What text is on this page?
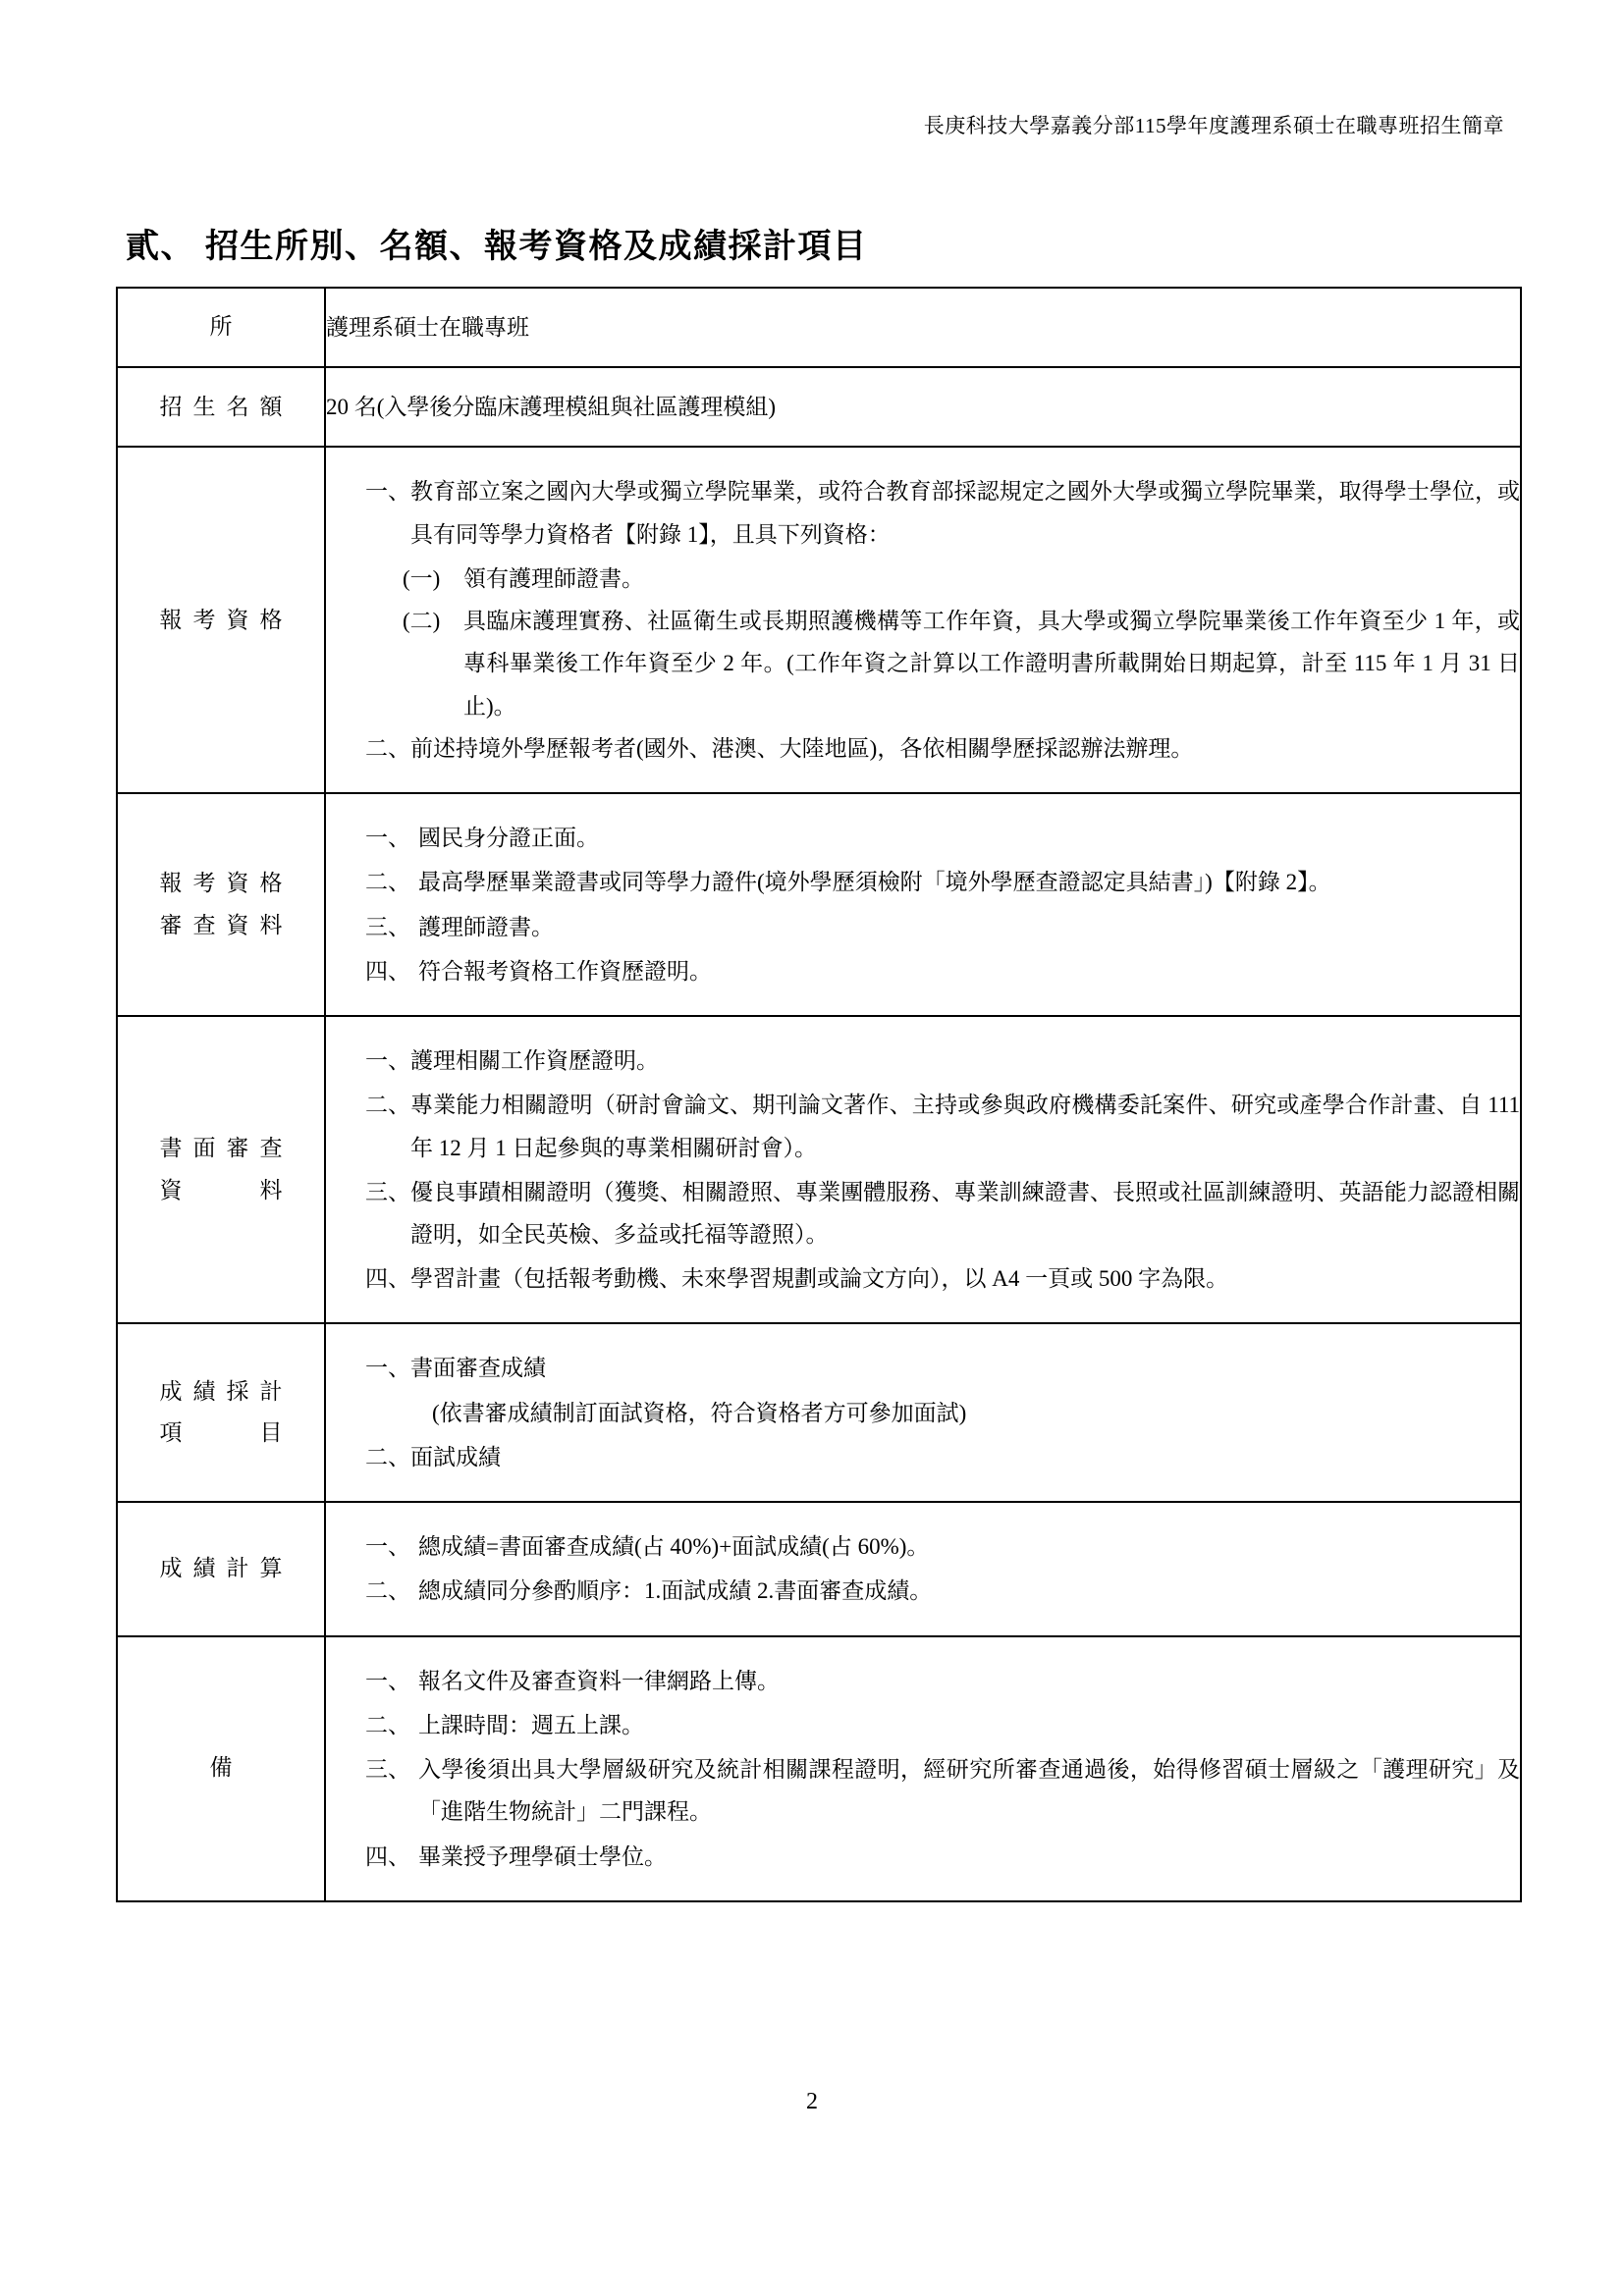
長庚科技大學嘉義分部115學年度護理系碩士在職專班招生簡章
貳、 招生所別、名額、報考資格及成績採計項目
所	護理系碩士在職專班

招生名額	20 名(入學後分臨床護理模組與社區護理模組)

報考資格

一、 教育部立案之國內大學或獨立學院畢業，或符合教育部採認規定之國外大學或獨立學院畢業，取得學士學位，或具有同等學力資格者【附錄 1】，且具下列資格：
(一)	領有護理師證書。
(二)	具臨床護理實務、社區衛生或長期照護機構等工作年資，具大學或獨立學院畢業後工作年資至少 1 年，或專科畢業後工作年資至少 2 年。(工作年資之計算以工作證明書所載開始日期起算，計至 115 年 1 月 31 日止)。
二、 前述持境外學歷報考者(國外、港澳、大陸地區)，各依相關學歷採認辦法辦理。

報考資格
審查資料

一、 國民身分證正面。
二、 最高學歷畢業證書或同等學力證件(境外學歷須檢附「境外學歷查證認定具結書」)【附錄 2】。
三、 護理師證書。
四、 符合報考資格工作資歷證明。

書面審查
資　　料

一、 護理相關工作資歷證明。
二、 專業能力相關證明（研討會論文、期刊論文著作、主持或參與政府機構委託案件、研究或產學合作計畫、自 111 年 12 月 1 日起參與的專業相關研討會）。
三、 優良事蹟相關證明（獲獎、相關證照、專業團體服務、專業訓練證書、長照或社區訓練證明、英語能力認證相關證明，如全民英檢、多益或托福等證照）。
四、 學習計畫（包括報考動機、未來學習規劃或論文方向），以 A4 一頁或 500 字為限。

成績採計
項　　目

一、 書面審查成績
(依書審成績制訂面試資格，符合資格者方可參加面試)
二、 面試成績

成績計算

一、 總成績=書面審查成績(占 40%)+面試成績(占 60%)。
二、 總成績同分參酌順序：1.面試成績 2.書面審查成績。

備

一、 報名文件及審查資料一律網路上傳。
二、 上課時間：週五上課。
三、 入學後須出具大學層級研究及統計相關課程證明，經研究所審查通過後，始得修習碩士層級之「護理研究」及「進階生物統計」二門課程。
四、 畢業授予理學碩士學位。
2
